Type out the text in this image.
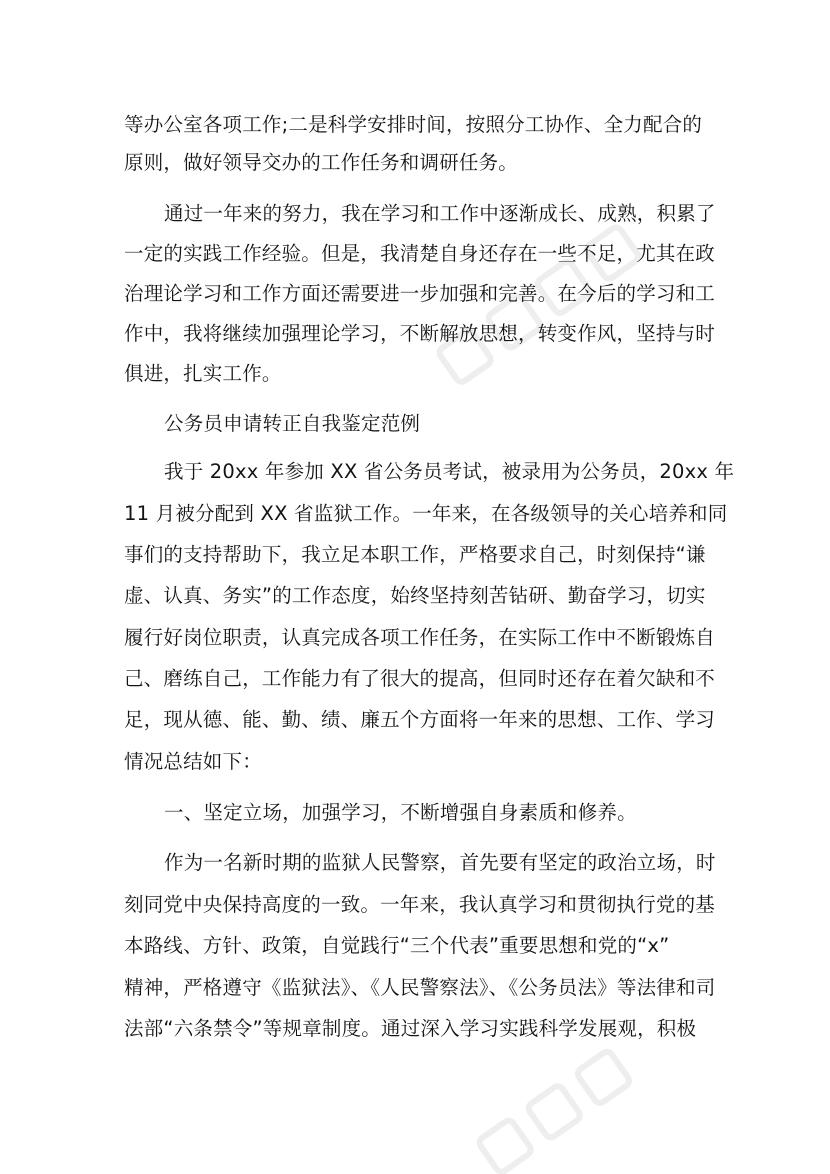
等办公室各项工作;二是科学安排时间，按照分工协作、全力配合的
原则，做好领导交办的工作任务和调研任务。
通过一年来的努力，我在学习和工作中逐渐成长、成熟，积累了
一定的实践工作经验。但是，我清楚自身还存在一些不足，尤其在政
治理论学习和工作方面还需要进一步加强和完善。在今后的学习和工
作中，我将继续加强理论学习，不断解放思想，转变作风，坚持与时
俱进，扎实工作。
公务员申请转正自我鉴定范例
我于 20xx 年参加 XX 省公务员考试，被录用为公务员，20xx 年
11 月被分配到 XX 省监狱工作。一年来，在各级领导的关心培养和同
事们的支持帮助下，我立足本职工作，严格要求自己，时刻保持“谦
虚、认真、务实”的工作态度，始终坚持刻苦钻研、勤奋学习，切实
履行好岗位职责，认真完成各项工作任务，在实际工作中不断锻炼自
己、磨练自己，工作能力有了很大的提高，但同时还存在着欠缺和不
足，现从德、能、勤、绩、廉五个方面将一年来的思想、工作、学习
情况总结如下：
一、坚定立场，加强学习，不断增强自身素质和修养。
作为一名新时期的监狱人民警察，首先要有坚定的政治立场，时
刻同党中央保持高度的一致。一年来，我认真学习和贯彻执行党的基
本路线、方针、政策，自觉践行“三个代表”重要思想和党的“x”
精神，严格遵守《监狱法》、《人民警察法》、《公务员法》等法律和司
法部“六条禁令”等规章制度。通过深入学习实践科学发展观，积极
